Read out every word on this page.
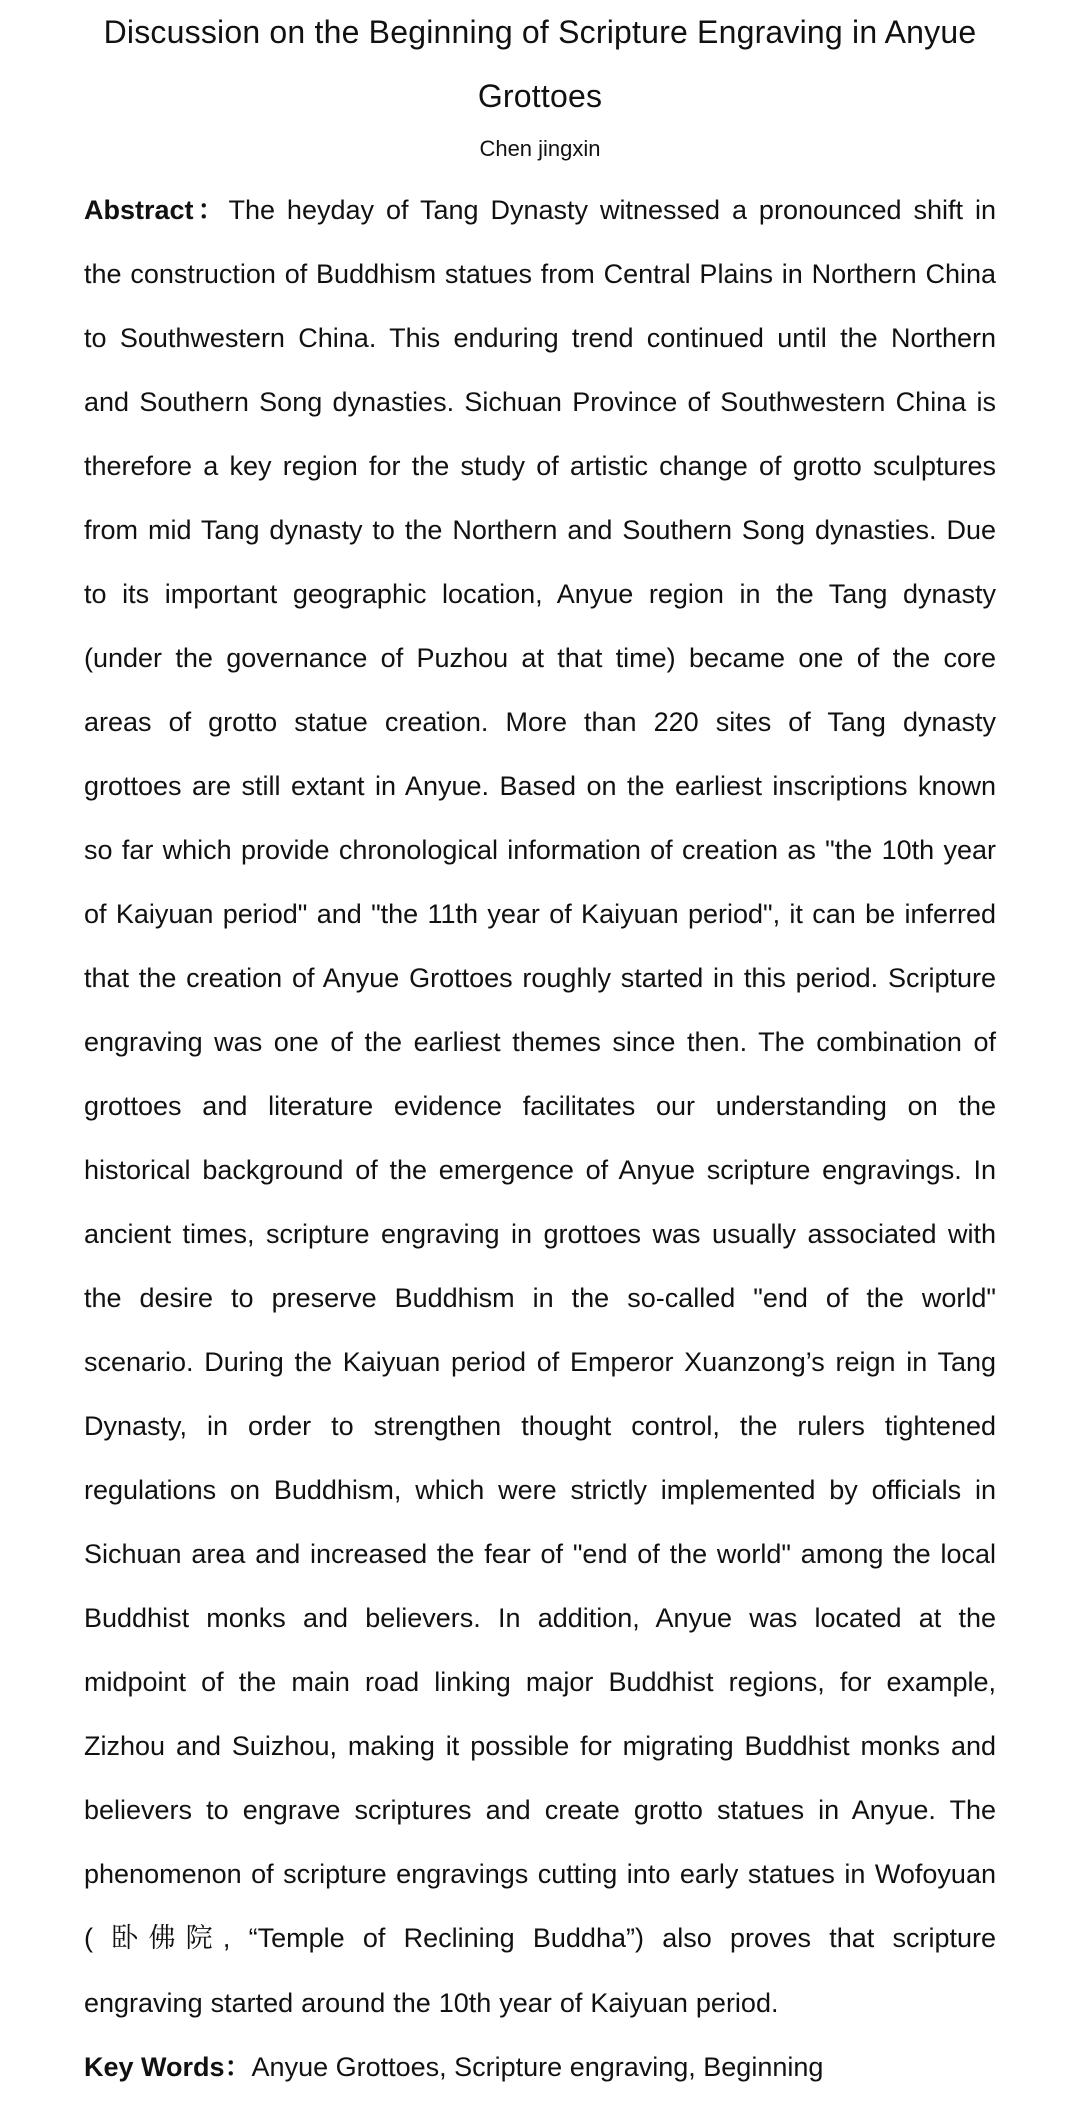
Discussion on the Beginning of Scripture Engraving in Anyue Grottoes

Chen jingxin

Abstract：The heyday of Tang Dynasty witnessed a pronounced shift in the construction of Buddhism statues from Central Plains in Northern China to Southwestern China. This enduring trend continued until the Northern and Southern Song dynasties. Sichuan Province of Southwestern China is therefore a key region for the study of artistic change of grotto sculptures from mid Tang dynasty to the Northern and Southern Song dynasties. Due to its important geographic location, Anyue region in the Tang dynasty (under the governance of Puzhou at that time) became one of the core areas of grotto statue creation. More than 220 sites of Tang dynasty grottoes are still extant in Anyue. Based on the earliest inscriptions known so far which provide chronological information of creation as "the 10th year of Kaiyuan period" and "the 11th year of Kaiyuan period", it can be inferred that the creation of Anyue Grottoes roughly started in this period. Scripture engraving was one of the earliest themes since then. The combination of grottoes and literature evidence facilitates our understanding on the historical background of the emergence of Anyue scripture engravings. In ancient times, scripture engraving in grottoes was usually associated with the desire to preserve Buddhism in the so-called "end of the world" scenario. During the Kaiyuan period of Emperor Xuanzong’s reign in Tang Dynasty, in order to strengthen thought control, the rulers tightened regulations on Buddhism, which were strictly implemented by officials in Sichuan area and increased the fear of "end of the world" among the local Buddhist monks and believers. In addition, Anyue was located at the midpoint of the main road linking major Buddhist regions, for example, Zizhou and Suizhou, making it possible for migrating Buddhist monks and believers to engrave scriptures and create grotto statues in Anyue. The phenomenon of scripture engravings cutting into early statues in Wofoyuan ( 卧佛院, “Temple of Reclining Buddha”) also proves that scripture engraving started around the 10th year of Kaiyuan period.

Key Words：Anyue Grottoes, Scripture engraving, Beginning
